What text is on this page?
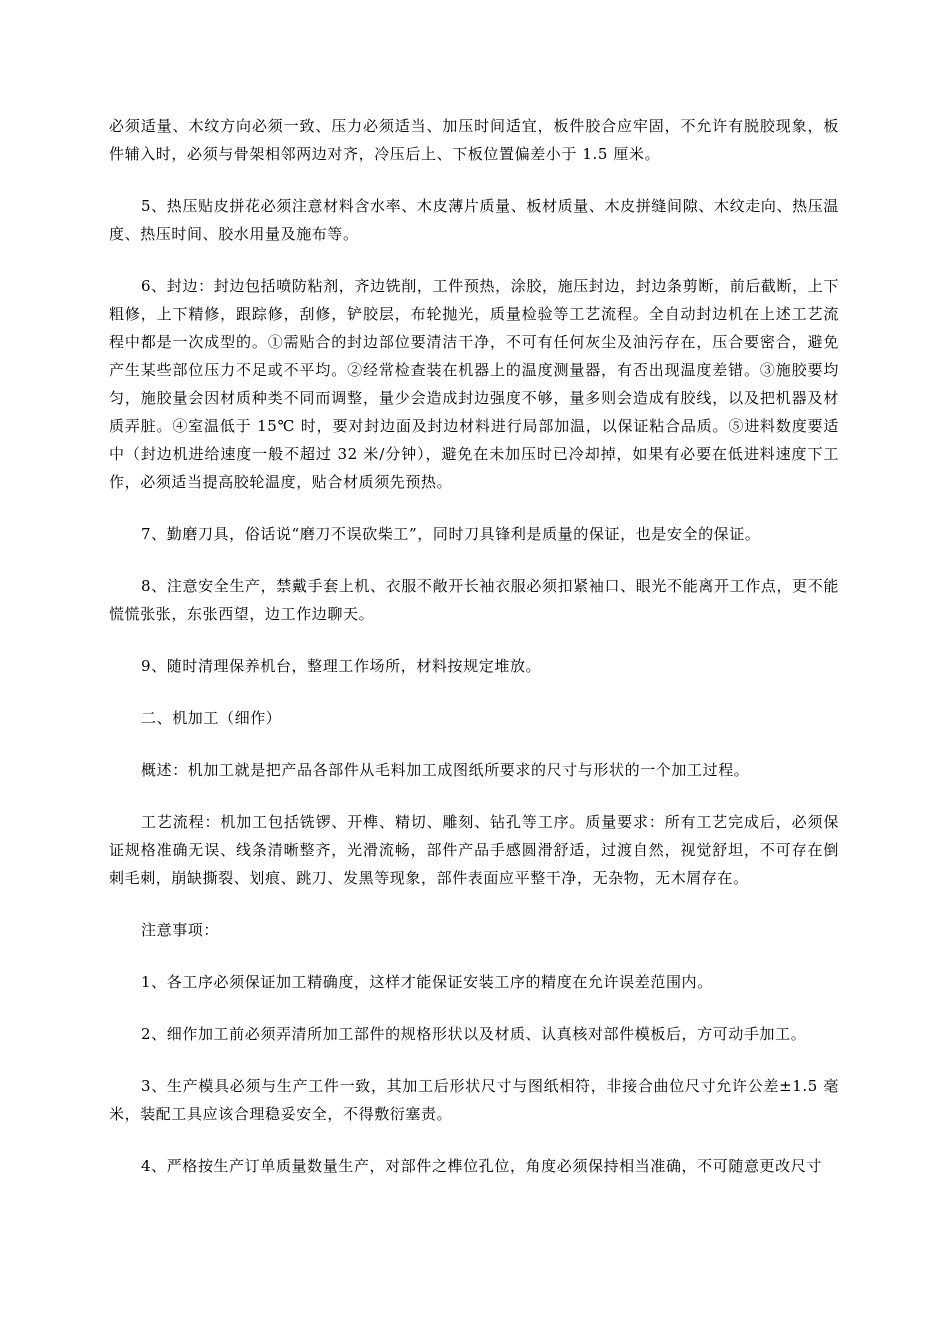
必须适量、木纹方向必须一致、压力必须适当、加压时间适宜，板件胶合应牢固，不允许有脱胶现象，板件辅入时，必须与骨架相邻两边对齐，冷压后上、下板位置偏差小于 1.5 厘米。

5、热压贴皮拼花必须注意材料含水率、木皮薄片质量、板材质量、木皮拼缝间隙、木纹走向、热压温度、热压时间、胶水用量及施布等。

6、封边：封边包括喷防粘剂，齐边铣削，工件预热，涂胶，施压封边，封边条剪断，前后截断，上下粗修，上下精修，跟踪修，刮修，铲胶层，布轮抛光，质量检验等工艺流程。全自动封边机在上述工艺流程中都是一次成型的。①需贴合的封边部位要清洁干净，不可有任何灰尘及油污存在，压合要密合，避免产生某些部位压力不足或不平均。②经常检查装在机器上的温度测量器，有否出现温度差错。③施胶要均匀，施胶量会因材质种类不同而调整，量少会造成封边强度不够，量多则会造成有胶线，以及把机器及材质弄脏。④室温低于 15℃ 时，要对封边面及封边材料进行局部加温，以保证粘合品质。⑤进料数度要适中（封边机进给速度一般不超过 32 米/分钟），避免在未加压时已冷却掉，如果有必要在低进料速度下工作，必须适当提高胶轮温度，贴合材质须先预热。

7、勤磨刀具，俗话说“磨刀不误砍柴工”，同时刀具锋利是质量的保证，也是安全的保证。

8、注意安全生产，禁戴手套上机、衣服不敞开长袖衣服必须扣紧袖口、眼光不能离开工作点，更不能慌慌张张，东张西望，边工作边聊天。

9、随时清理保养机台，整理工作场所，材料按规定堆放。

二、机加工（细作）

概述：机加工就是把产品各部件从毛料加工成图纸所要求的尺寸与形状的一个加工过程。

工艺流程：机加工包括铣锣、开榫、精切、雕刻、钻孔等工序。质量要求：所有工艺完成后，必须保证规格准确无误、线条清晰整齐，光滑流畅，部件产品手感圆滑舒适，过渡自然，视觉舒坦，不可存在倒刺毛刺，崩缺撕裂、划痕、跳刀、发黑等现象，部件表面应平整干净，无杂物，无木屑存在。

注意事项：

1、各工序必须保证加工精确度，这样才能保证安装工序的精度在允许误差范围内。

2、细作加工前必须弄清所加工部件的规格形状以及材质、认真核对部件模板后，方可动手加工。

3、生产模具必须与生产工件一致，其加工后形状尺寸与图纸相符，非接合曲位尺寸允许公差±1.5 毫米，装配工具应该合理稳妥安全，不得敷衍塞责。

4、严格按生产订单质量数量生产，对部件之榫位孔位，角度必须保持相当准确，不可随意更改尺寸
